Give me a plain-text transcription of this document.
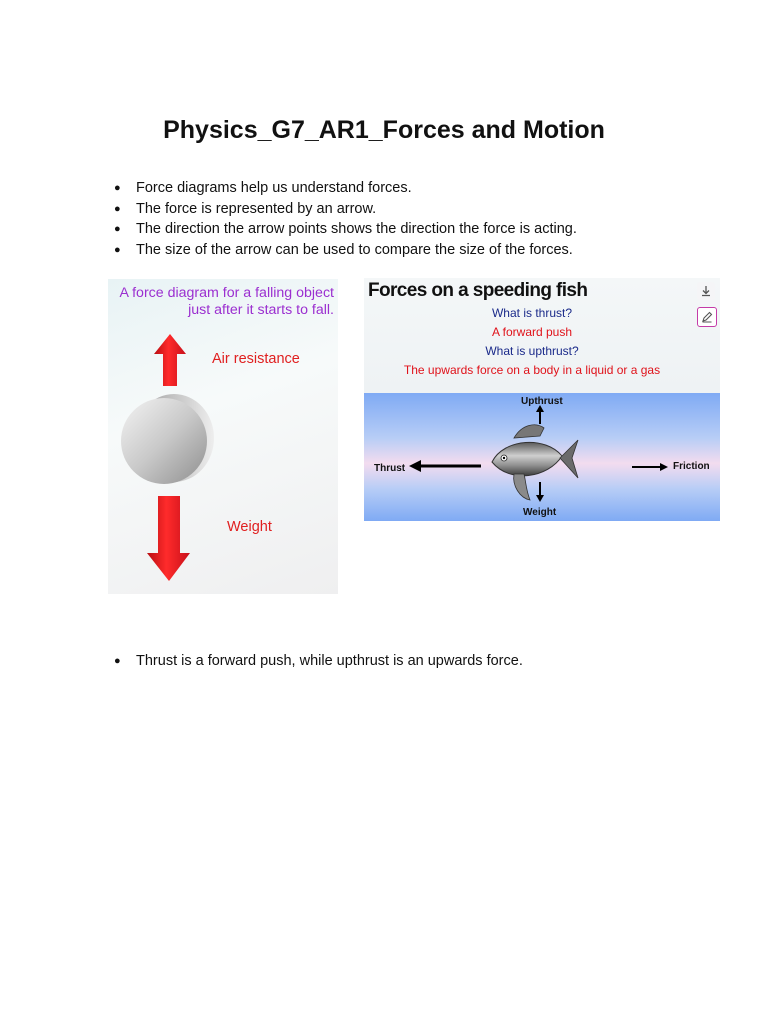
Physics_G7_AR1_Forces and Motion
● Force diagrams help us understand forces.
● The force is represented by an arrow.
● The direction the arrow points shows the direction the force is acting.
● The size of the arrow can be used to compare the size of the forces.
A force diagram for a falling object just after it starts to fall.
Air resistance
Weight
Forces on a speeding fish
What is thrust?
A forward push
What is upthrust?
The upwards force on a body in a liquid or a gas
Upthrust
Thrust	Friction
Weight
● Thrust is a forward push, while upthrust is an upwards force.
